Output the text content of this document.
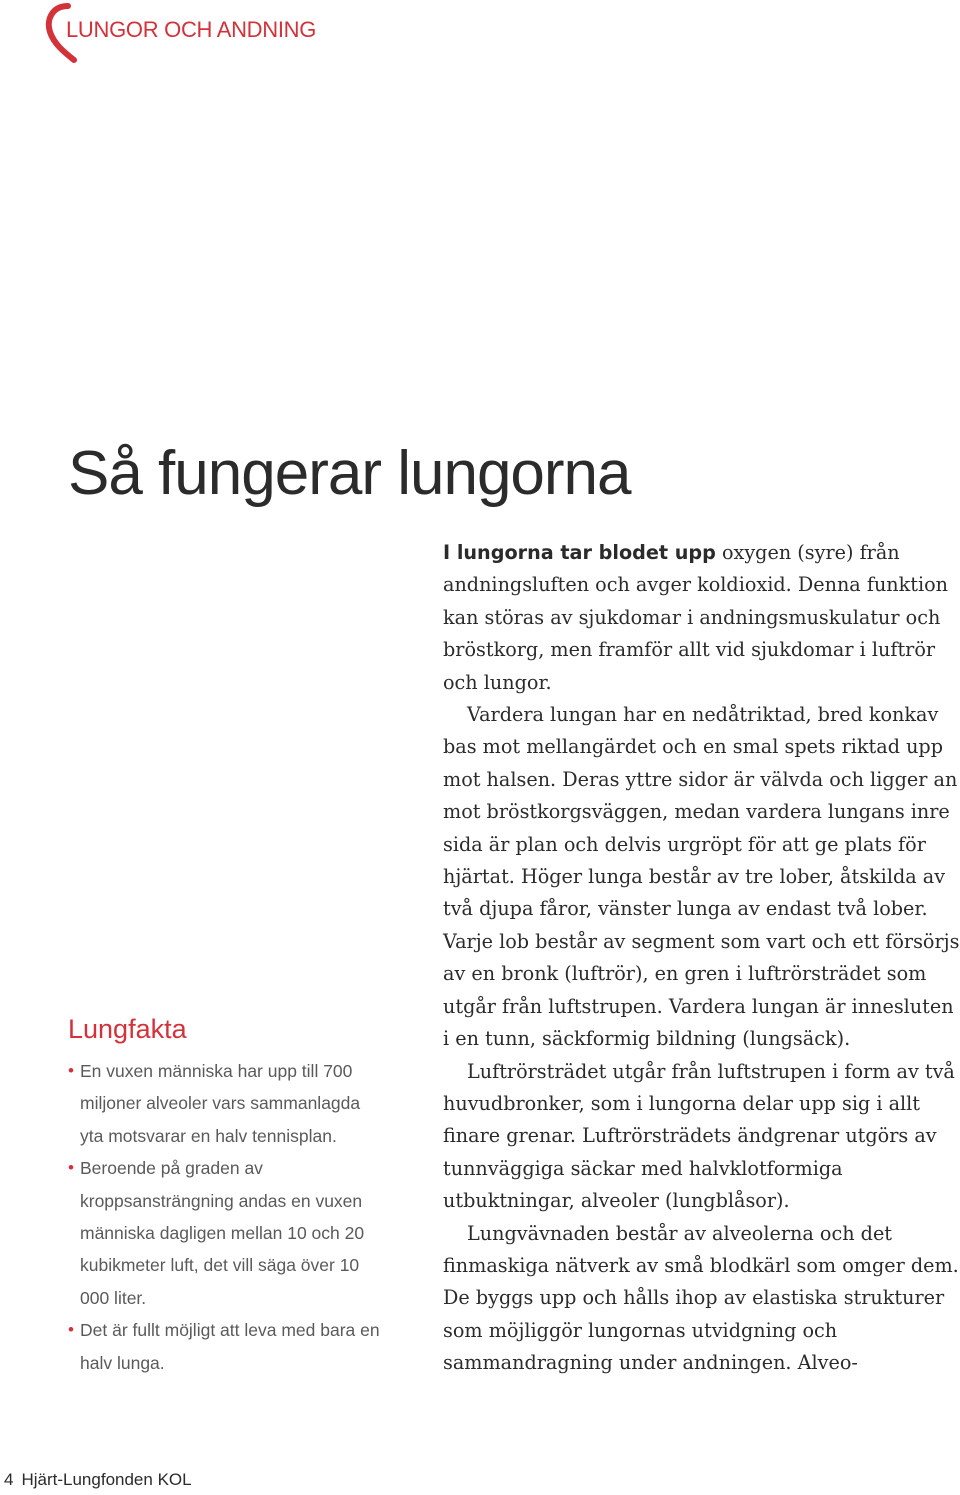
LUNGOR OCH ANDNING
Så fungerar lungorna
Lungfakta
• En vuxen människa har upp till 700 miljoner alveoler vars sammanlagda yta motsvarar en halv tennisplan.
• Beroende på graden av kroppsansträngning andas en vuxen människa dagligen mellan 10 och 20 kubikmeter luft, det vill säga över 10 000 liter.
• Det är fullt möjligt att leva med bara en halv lunga.

I lungorna tar blodet upp oxygen (syre) från andningsluften och avger koldioxid. Denna funktion kan störas av sjukdomar i andningsmuskulatur och bröstkorg, men framför allt vid sjukdomar i luftrör och lungor.

Vardera lungan har en nedåtriktad, bred konkav bas mot mellangärdet och en smal spets riktad upp mot halsen. Deras yttre sidor är välvda och ligger an mot bröstkorgsväggen, medan vardera lungans inre sida är plan och delvis urgröpt för att ge plats för hjärtat. Höger lunga består av tre lober, åtskilda av två djupa fåror, vänster lunga av endast två lober. Varje lob består av segment som vart och ett försörjs av en bronk (luftrör), en gren i luftrörsträdet som utgår från luftstrupen. Vardera lungan är innesluten i en tunn, säckformig bildning (lungsäck).

Luftrörsträdet utgår från luftstrupen i form av två huvudbronker, som i lungorna delar upp sig i allt finare grenar. Luftrörsträdets ändgrenar utgörs av tunnväggiga säckar med halvklotformiga utbuktningar, alveoler (lungblåsor).

Lungvävnaden består av alveolerna och det finmaskiga nätverk av små blodkärl som omger dem. De byggs upp och hålls ihop av elastiska strukturer som möjliggör lungornas utvidgning och sammandragning under andningen. Alveo-

4 Hjärt-Lungfonden KOL
